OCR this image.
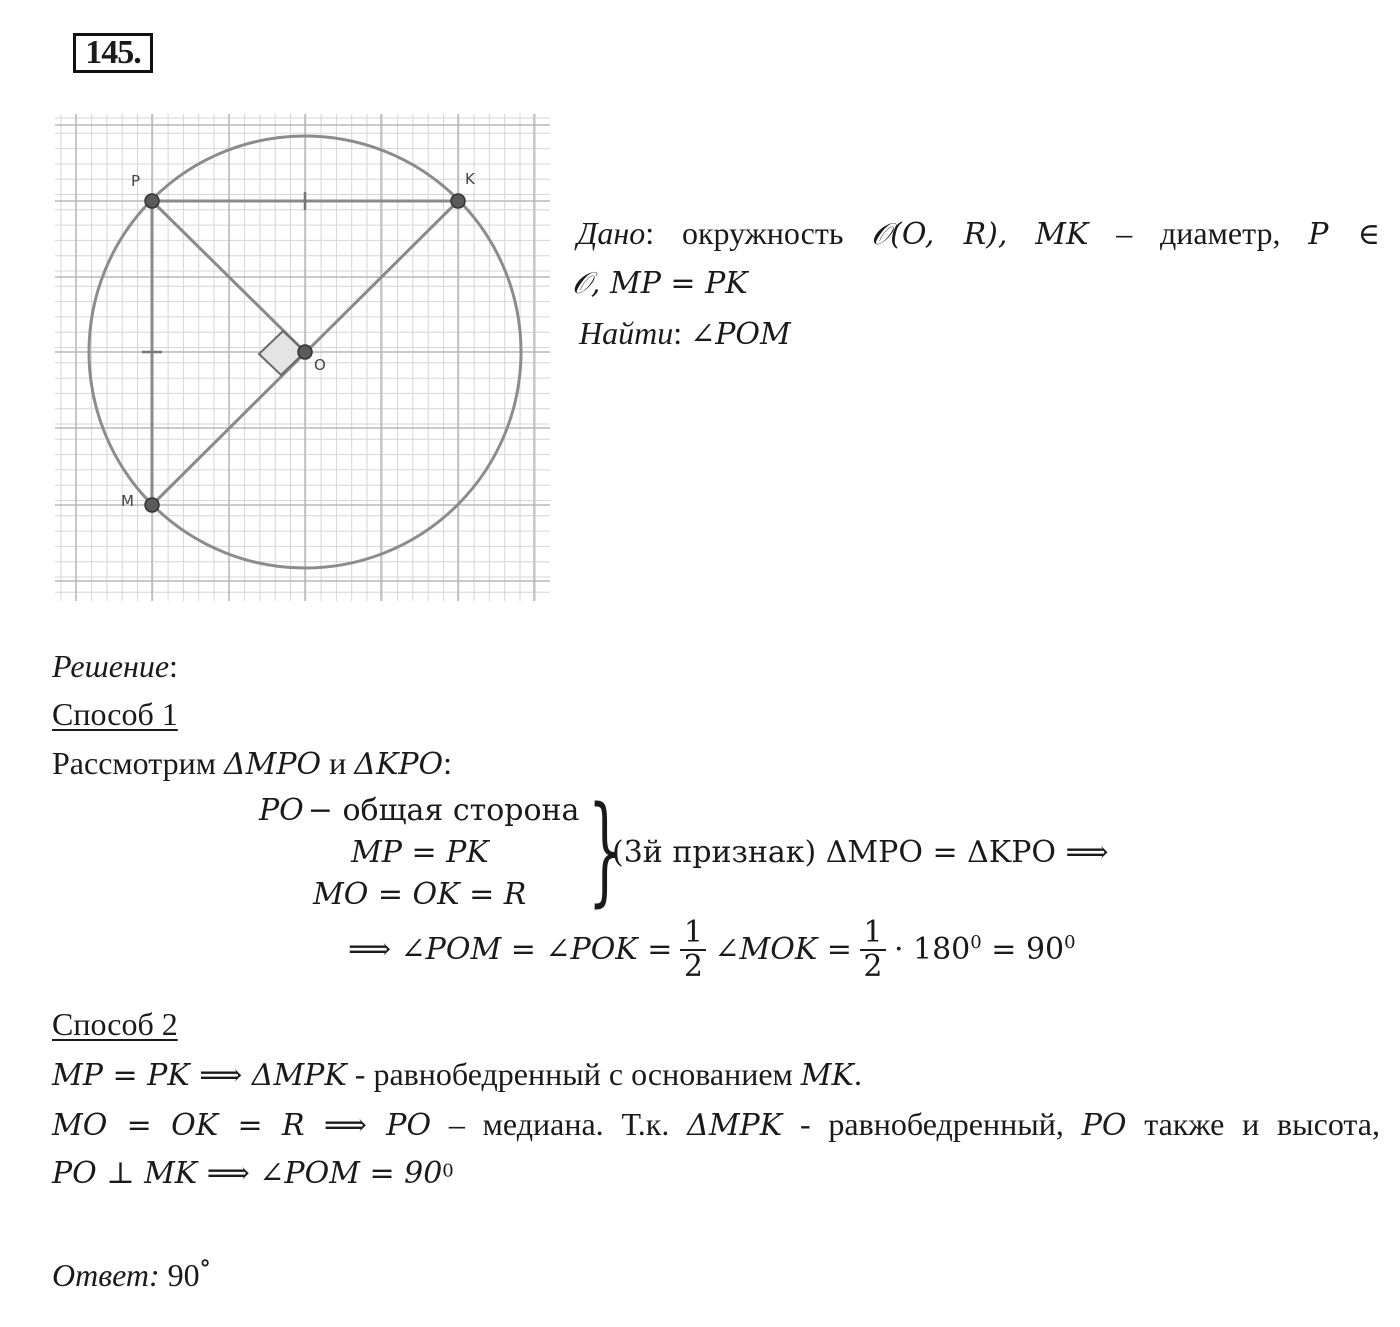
145.
P	K
O
M
Дано: окружность 𝒪(O, R), MK – диаметр, P ∈
𝒪, MP = PK
Найти: ∠POM
Решение:
Способ 1
Рассмотрим ΔMPO и ΔKPO:
PO − общая сторона
MP = PK
MO = OK = R }
(3й признак) ΔMPO = ΔKPO ⟹
⟹ ∠POM = ∠POK = $\frac{1}{2}$ ∠MOK = $\frac{1}{2} \cdot 180^0 = 90^0$
Способ 2
MP = PK ⟹ ΔMPK - равнобедренный с основанием MK.
MO = OK = R ⟹ PO – медиана. Т.к. ΔMPK - равнобедренный, PO также и высота,
PO ⊥ MK ⟹ ∠POM = $90^0$
Ответ: 90°
